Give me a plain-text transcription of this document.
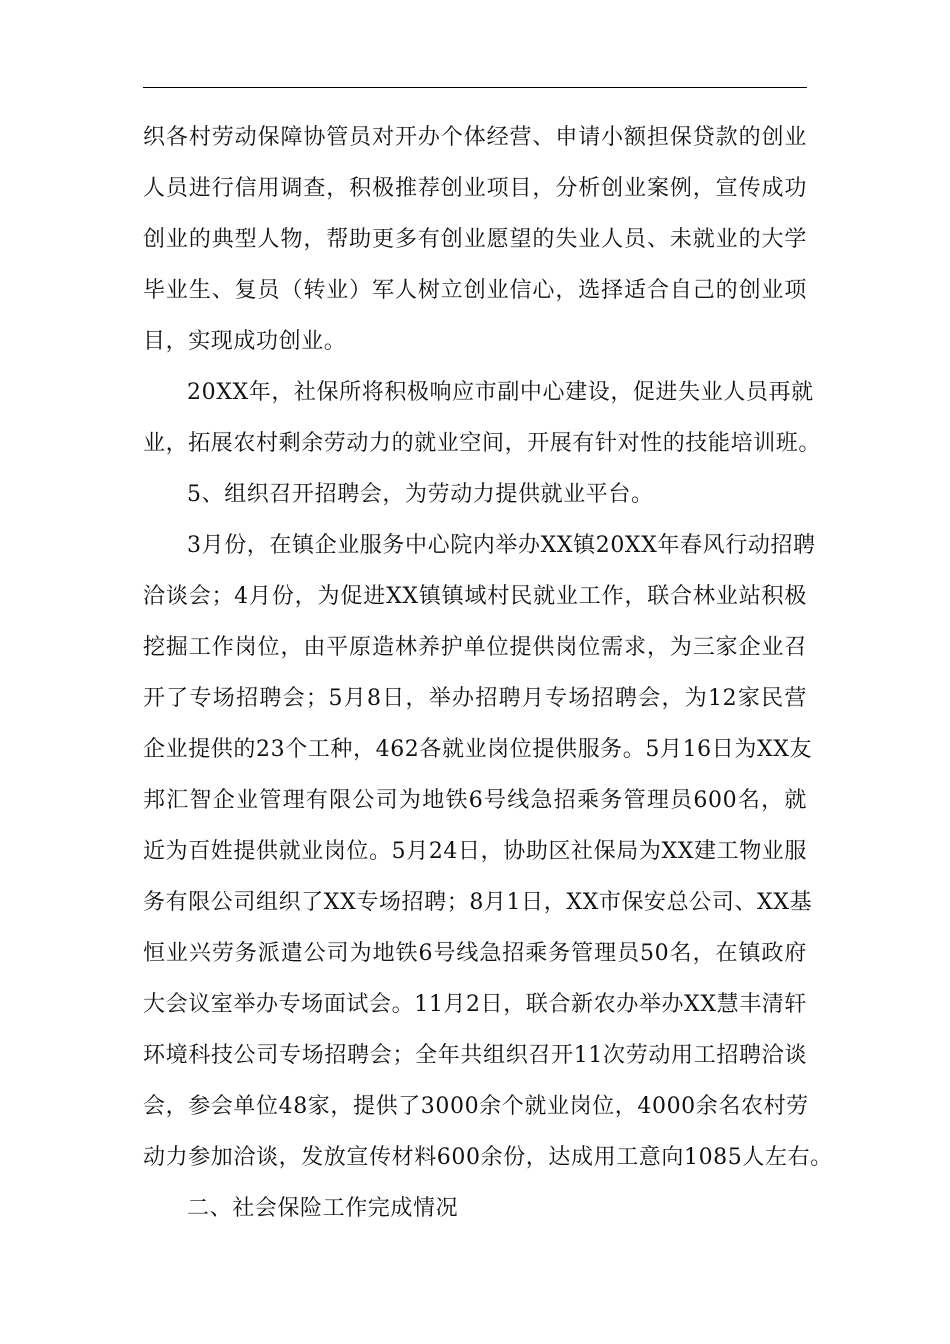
织各村劳动保障协管员对开办个体经营、申请小额担保贷款的创业
人员进行信用调查，积极推荐创业项目，分析创业案例，宣传成功
创业的典型人物，帮助更多有创业愿望的失业人员、未就业的大学
毕业生、复员（转业）军人树立创业信心，选择适合自己的创业项
目，实现成功创业。
20XX年，社保所将积极响应市副中心建设，促进失业人员再就
业，拓展农村剩余劳动力的就业空间，开展有针对性的技能培训班。
5、组织召开招聘会，为劳动力提供就业平台。
3月份，在镇企业服务中心院内举办XX镇20XX年春风行动招聘
洽谈会；4月份，为促进XX镇镇域村民就业工作，联合林业站积极
挖掘工作岗位，由平原造林养护单位提供岗位需求，为三家企业召
开了专场招聘会；5月8日，举办招聘月专场招聘会，为12家民营
企业提供的23个工种，462各就业岗位提供服务。5月16日为XX友
邦汇智企业管理有限公司为地铁6号线急招乘务管理员600名，就
近为百姓提供就业岗位。5月24日，协助区社保局为XX建工物业服
务有限公司组织了XX专场招聘；8月1日，XX市保安总公司、XX基
恒业兴劳务派遣公司为地铁6号线急招乘务管理员50名，在镇政府
大会议室举办专场面试会。11月2日，联合新农办举办XX慧丰清轩
环境科技公司专场招聘会；全年共组织召开11次劳动用工招聘洽谈
会，参会单位48家，提供了3000余个就业岗位，4000余名农村劳
动力参加洽谈，发放宣传材料600余份，达成用工意向1085人左右。
二、社会保险工作完成情况
